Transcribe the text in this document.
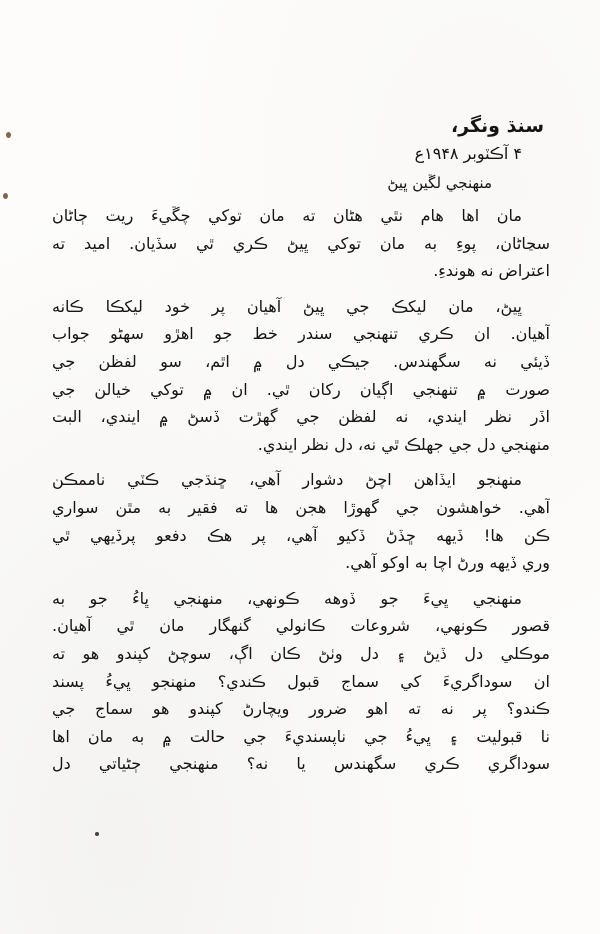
سنڌ ونگر،
۴ آڪٽوبر ۱۹۴۸ع
منهنجي لڱين ڀيڻ
مان اها هام نٿي هڻان ته مان توکي چڱيءَ ريت ڄاڻان
سڃاڻان، پوءِ به مان توکي ڀيڻ ڪري ٿي سڏيان. اميد ته
اعتراض نه هوندءِ.
ڀيڻ، مان ليکڪ جي ڀيڻ آهيان پر خود ليکڪا ڪانه
آهيان. ان ڪري تنهنجي سندر خط جو اهڙو سهڻو جواب
ڏيئي نه سگهندس. جيڪي دل ۾ اٿم، سو لفظن جي
صورت ۾ تنهنجي اڳيان رکان ٿي. ان ۾ توکي خيالن جي
اڏر نظر ايندي، نه لفظن جي گهڙت ڏسڻ ۾ ايندي، البت
منهنجي دل جي جهلڪ ٿي نه، دل نظر ايندي.
منهنجو ايڏاهن اچڻ دشوار آهي، ڇنڌجي ڪٽي ناممڪن
آهي. خواهشون جي گهوڙا هجن ها ته فقير به مٿن سواري
ڪن ها! ڏيهه ڇڏڻ ڏکيو آهي، پر هڪ دفعو پرڏيهي ٿي
وري ڏيهه ورڻ اچا به اوکو آهي.
منهنجي ڀيءَ جو ڏوهه ڪونهي، منهنجي ڀاءُ جو به
قصور ڪونهي، شروعات ڪانولي گنهگار مان ٿي آهيان.
موڪلي دل ڏيڻ ۽ دل وٺڻ ڪان اڳ، سوچڻ کپندو هو ته
ان سوداگريءَ کي سماج قبول ڪندي؟ منهنجو ڀيءُ پسند
ڪندو؟ پر نه ته اهو ضرور ويچارڻ کپندو هو سماج جي
نا قبوليت ۽ ڀيءُ جي ناپسنديءَ جي حالت ۾ به مان اها
سوداگري ڪري سگهندس يا نه؟ منهنجي ڄڻياتي دل
